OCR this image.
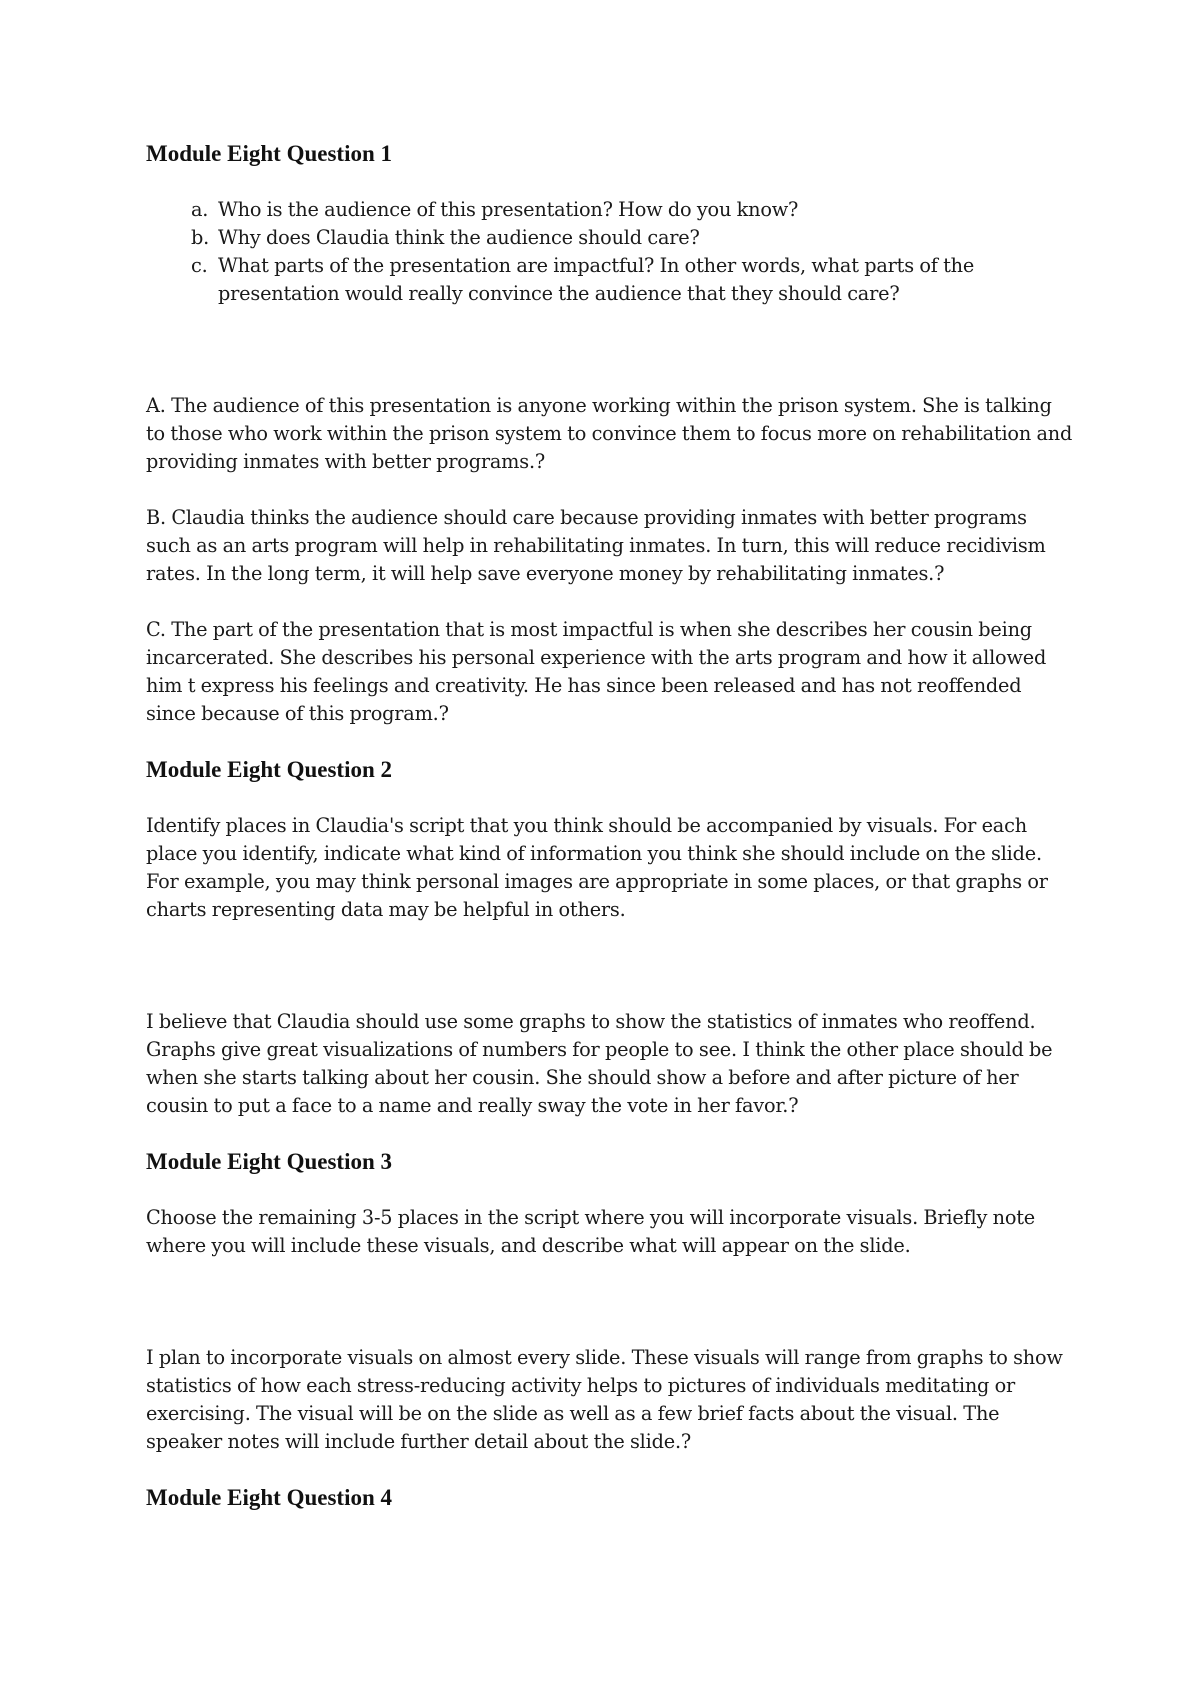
Module Eight Question 1
a. Who is the audience of this presentation? How do you know?
b. Why does Claudia think the audience should care?
c. What parts of the presentation are impactful? In other words, what parts of the presentation would really convince the audience that they should care?

A. The audience of this presentation is anyone working within the prison system. She is talking to those who work within the prison system to convince them to focus more on rehabilitation and providing inmates with better programs.?

B. Claudia thinks the audience should care because providing inmates with better programs such as an arts program will help in rehabilitating inmates. In turn, this will reduce recidivism rates. In the long term, it will help save everyone money by rehabilitating inmates.?

C. The part of the presentation that is most impactful is when she describes her cousin being incarcerated. She describes his personal experience with the arts program and how it allowed him t express his feelings and creativity. He has since been released and has not reoffended since because of this program.?

Module Eight Question 2

Identify places in Claudia's script that you think should be accompanied by visuals. For each place you identify, indicate what kind of information you think she should include on the slide. For example, you may think personal images are appropriate in some places, or that graphs or charts representing data may be helpful in others.

I believe that Claudia should use some graphs to show the statistics of inmates who reoffend. Graphs give great visualizations of numbers for people to see. I think the other place should be when she starts talking about her cousin. She should show a before and after picture of her cousin to put a face to a name and really sway the vote in her favor.?

Module Eight Question 3

Choose the remaining 3-5 places in the script where you will incorporate visuals. Briefly note where you will include these visuals, and describe what will appear on the slide.

I plan to incorporate visuals on almost every slide. These visuals will range from graphs to show statistics of how each stress-reducing activity helps to pictures of individuals meditating or exercising. The visual will be on the slide as well as a few brief facts about the visual. The speaker notes will include further detail about the slide.?

Module Eight Question 4
